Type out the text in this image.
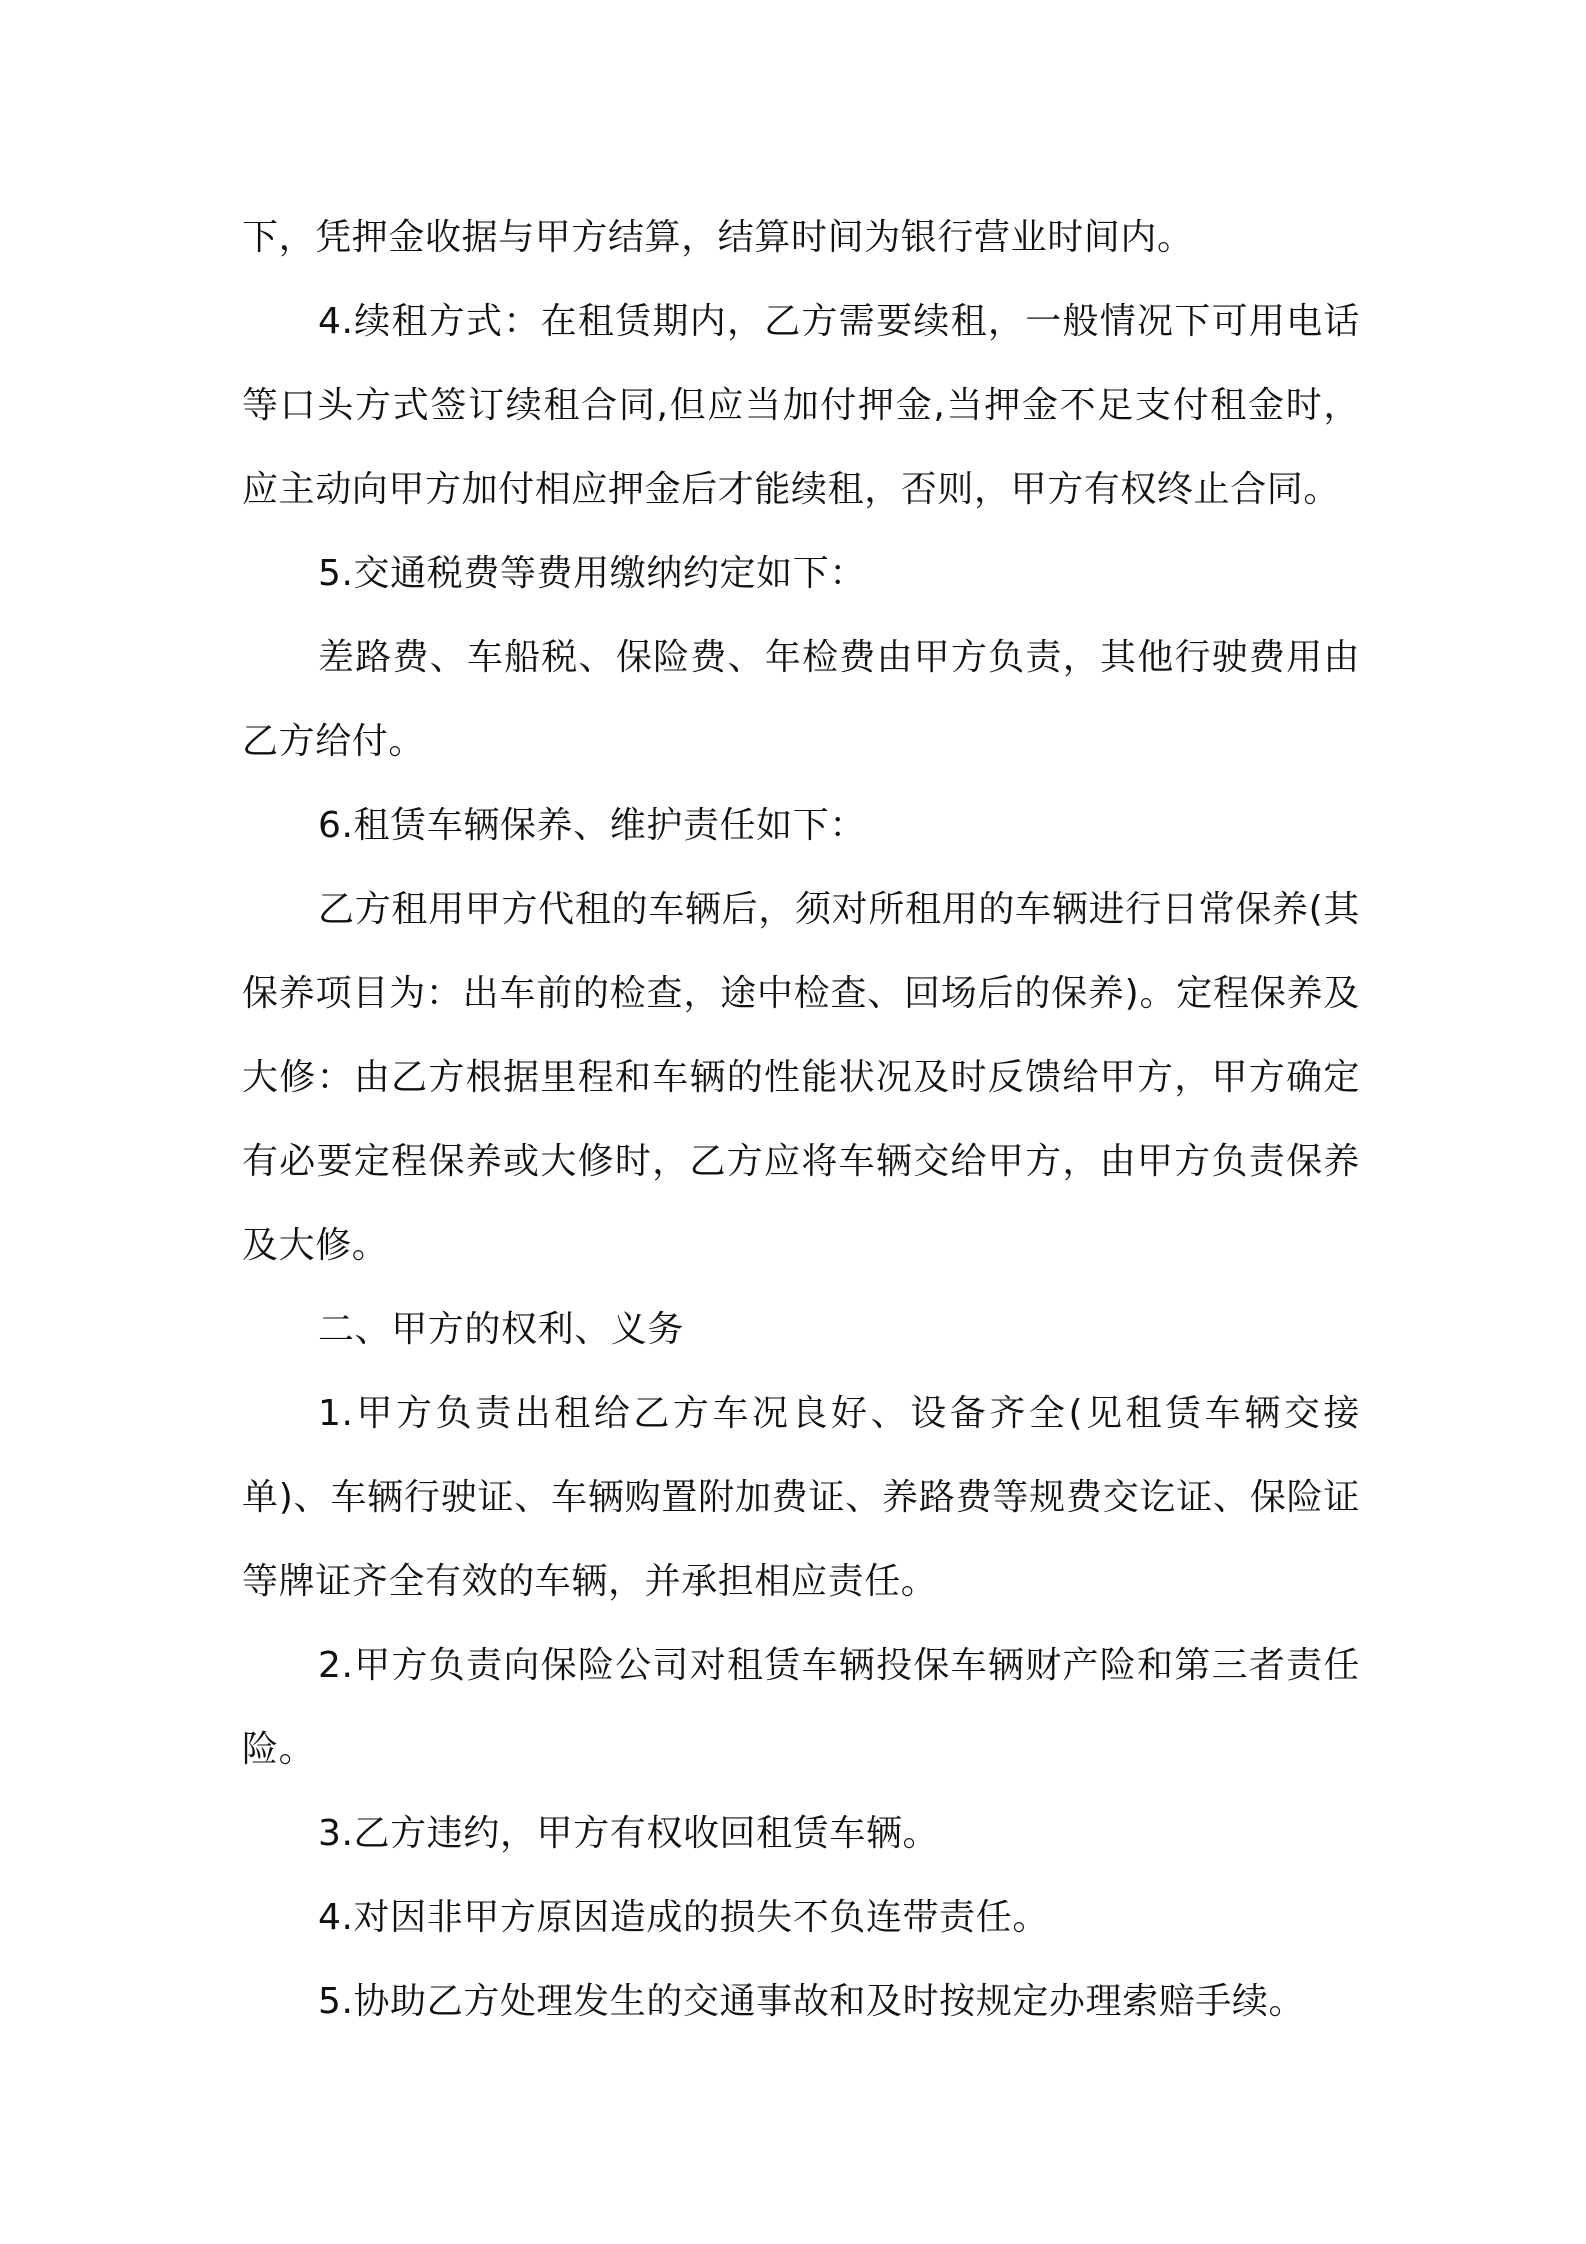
下，凭押金收据与甲方结算，结算时间为银行营业时间内。

4.续租方式：在租赁期内，乙方需要续租，一般情况下可用电话等口头方式签订续租合同,但应当加付押金,当押金不足支付租金时，应主动向甲方加付相应押金后才能续租，否则，甲方有权终止合同。

5.交通税费等费用缴纳约定如下：

差路费、车船税、保险费、年检费由甲方负责，其他行驶费用由乙方给付。

6.租赁车辆保养、维护责任如下：

乙方租用甲方代租的车辆后，须对所租用的车辆进行日常保养(其保养项目为：出车前的检查，途中检查、回场后的保养)。定程保养及大修：由乙方根据里程和车辆的性能状况及时反馈给甲方，甲方确定有必要定程保养或大修时，乙方应将车辆交给甲方，由甲方负责保养及大修。

二、甲方的权利、义务

1.甲方负责出租给乙方车况良好、设备齐全(见租赁车辆交接单)、车辆行驶证、车辆购置附加费证、养路费等规费交讫证、保险证等牌证齐全有效的车辆，并承担相应责任。

2.甲方负责向保险公司对租赁车辆投保车辆财产险和第三者责任险。

3.乙方违约，甲方有权收回租赁车辆。

4.对因非甲方原因造成的损失不负连带责任。

5.协助乙方处理发生的交通事故和及时按规定办理索赔手续。
